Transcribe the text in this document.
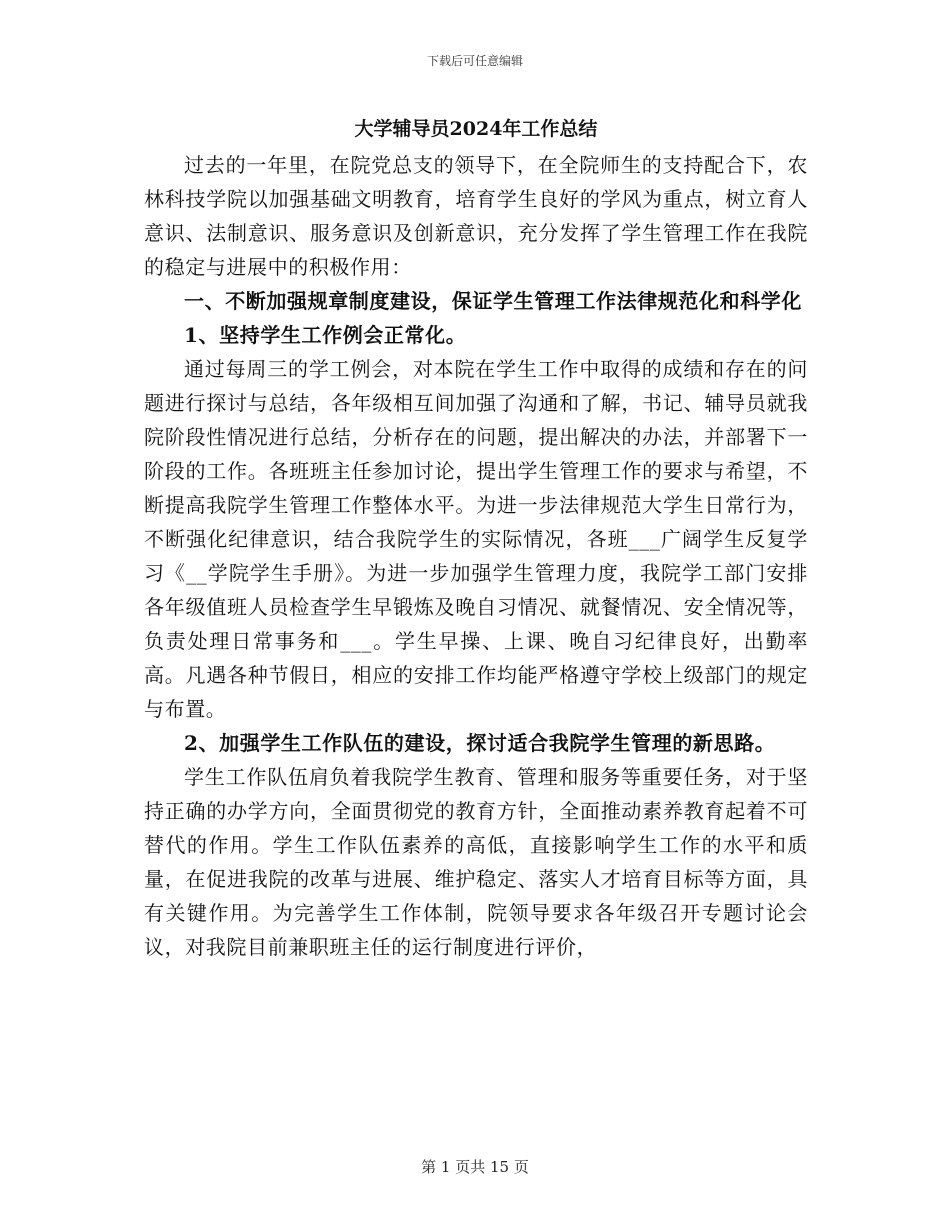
下载后可任意编辑
大学辅导员2024年工作总结

过去的一年里，在院党总支的领导下，在全院师生的支持配合下，农林科技学院以加强基础文明教育，培育学生良好的学风为重点，树立育人意识、法制意识、服务意识及创新意识，充分发挥了学生管理工作在我院的稳定与进展中的积极作用：

一、不断加强规章制度建设，保证学生管理工作法律规范化和科学化

1、坚持学生工作例会正常化。

通过每周三的学工例会，对本院在学生工作中取得的成绩和存在的问题进行探讨与总结，各年级相互间加强了沟通和了解，书记、辅导员就我院阶段性情况进行总结，分析存在的问题，提出解决的办法，并部署下一阶段的工作。各班班主任参加讨论，提出学生管理工作的要求与希望，不断提高我院学生管理工作整体水平。为进一步法律规范大学生日常行为，不断强化纪律意识，结合我院学生的实际情况，各班___广阔学生反复学习《__学院学生手册》。为进一步加强学生管理力度，我院学工部门安排各年级值班人员检查学生早锻炼及晚自习情况、就餐情况、安全情况等，负责处理日常事务和___。学生早操、上课、晚自习纪律良好，出勤率高。凡遇各种节假日，相应的安排工作均能严格遵守学校上级部门的规定与布置。

2、加强学生工作队伍的建设，探讨适合我院学生管理的新思路。

学生工作队伍肩负着我院学生教育、管理和服务等重要任务，对于坚持正确的办学方向，全面贯彻党的教育方针，全面推动素养教育起着不可替代的作用。学生工作队伍素养的高低，直接影响学生工作的水平和质量，在促进我院的改革与进展、维护稳定、落实人才培育目标等方面，具有关键作用。为完善学生工作体制，院领导要求各年级召开专题讨论会议，对我院目前兼职班主任的运行制度进行评价，

第 1 页共 15 页
